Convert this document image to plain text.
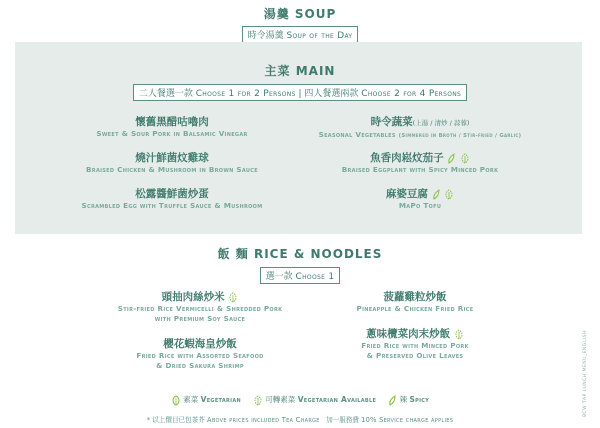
湯羹 SOUP
時令湯羹 Soup of the Day
主菜 MAIN
二人餐選一款 Choose 1 for 2 Persons | 四人餐選兩款 Choose 2 for 4 Persons
懷舊黑醋咕嚕肉
Sweet & Sour Pork in Balsamic Vinegar
燒汁鮮菌炆雞球
Braised Chicken & Mushroom in Brown Sauce
松露醬鮮菌炒蛋
Scrambled Egg with Truffle Sauce & Mushroom
時令蔬菜(上湯 / 清炒 / 蒜蓉)
Seasonal Vegetables (Simmered in Broth / Stir-fried / Garlic)
魚香肉崧炆茄子

Braised Eggplant with Spicy Minced Pork
麻婆豆腐

MaPo Tofu
飯 麵 RICE & NOODLES
選一款 Choose 1
頭抽肉絲炒米
Stir-fried Rice Vermicelli & Shredded Pork
with Premium Soy Sauce
櫻花蝦海皇炒飯
Fried Rice with Assorted Seafood
& Dried Sakura Shrimp
菠蘿雞粒炒飯
Pineapple & Chicken Fried Rice
蔥味欖菜肉末炒飯
Fried Rice with Minced Pork
& Preserved Olive Leaves
素菜 Vegetarian	可轉素菜 Vegetarian Available	辣 Spicy
* 以上價目已包茶芥 Above prices included Tea Charge 加一服務費 10% Service charge applies
BCW TAP LUNCH MENU_ENGLISH
